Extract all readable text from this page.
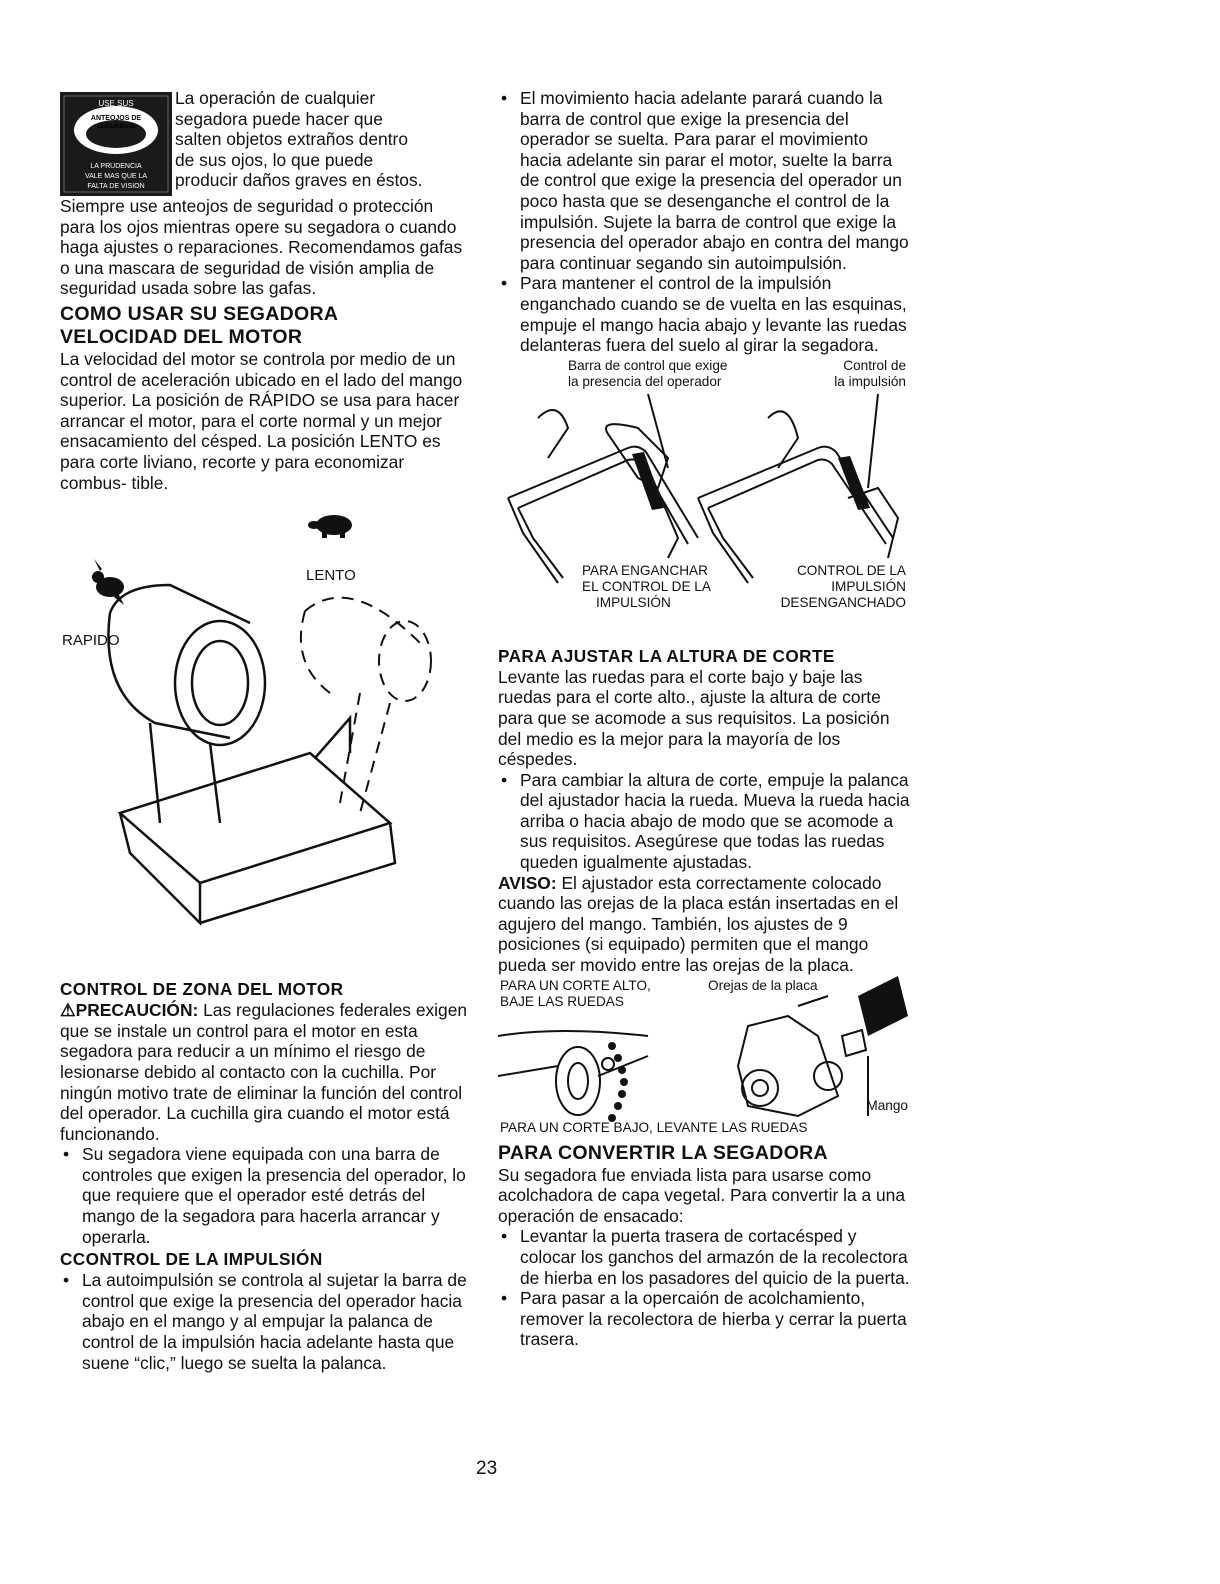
USE SUS
ANTEOJOS DE
SEGURIDAD
LA PRUDENCIA
VALE MAS QUE LA
FALTA DE VISION

La operación de cualquier

segadora puede hacer que

salten objetos extraños dentro

de sus ojos, lo que puede

producir daños graves en éstos.

Siempre use anteojos de seguridad o protección para los ojos mientras opere su segadora o cuando haga ajustes o reparaciones. Recomendamos gafas o una mascara de seguridad de visión amplia de seguridad usada sobre las gafas.

COMO USAR SU SEGADORA

VELOCIDAD DEL MOTOR

La velocidad del motor se controla por medio de un control de aceleración ubicado en el lado del mango superior. La posición de RÁPIDO se usa para hacer arrancar el motor, para el corte normal y un mejor ensacamiento del césped. La posición LENTO es para corte liviano, recorte y para economizar combus- tible.

LENTO
RAPIDO

CONTROL DE ZONA DEL MOTOR

⚠PRECAUCIÓN: Las regulaciones federales exigen que se instale un control para el motor en esta segadora para reducir a un mínimo el riesgo de lesionarse debido al contacto con la cuchilla. Por ningún motivo trate de eliminar la función del control del operador. La cuchilla gira cuando el motor está funcionando.

• Su segadora viene equipada con una barra de controles que exigen la presencia del operador, lo que requiere que el operador esté detrás del mango de la segadora para hacerla arrancar y operarla.

CCONTROL DE LA IMPULSIÓN

• La autoimpulsión se controla al sujetar la barra de control que exige la presencia del operador hacia abajo en el mango y al empujar la palanca de control de la impulsión hacia adelante hasta que suene “clic,” luego se suelta la palanca.

• El movimiento hacia adelante parará cuando la barra de control que exige la presencia del operador se suelta. Para parar el movimiento hacia adelante sin parar el motor, suelte la barra de control que exige la presencia del operador un poco hasta que se desenganche el control de la impulsión. Sujete la barra de control que exige la presencia del operador abajo en contra del mango para continuar segando sin autoimpulsión.

• Para mantener el control de la impulsión enganchado cuando se de vuelta en las esquinas, empuje el mango hacia abajo y levante las ruedas delanteras fuera del suelo al girar la segadora.

Barra de control que exige
la presencia del operador
Control de
la impulsión
PARA ENGANCHAR
EL CONTROL DE LA
IMPULSIÓN
CONTROL DE LA
IMPULSIÓN
DESENGANCHADO

PARA AJUSTAR LA ALTURA DE CORTE

Levante las ruedas para el corte bajo y baje las ruedas para el corte alto., ajuste la altura de corte para que se acomode a sus requisitos. La posición del medio es la mejor para la mayoría de los céspedes.

• Para cambiar la altura de corte, empuje la palanca del ajustador hacia la rueda. Mueva la rueda hacia arriba o hacia abajo de modo que se acomode a sus requisitos. Asegúrese que todas las ruedas queden igualmente ajustadas.

AVISO: El ajustador esta correctamente colocado cuando las orejas de la placa están insertadas en el agujero del mango. También, los ajustes de 9 posiciones (si equipado) permiten que el mango pueda ser movido entre las orejas de la placa.

PARA UN CORTE ALTO,
BAJE LAS RUEDAS
Orejas de la placa
Mango
PARA UN CORTE BAJO, LEVANTE LAS RUEDAS

PARA CONVERTIR LA SEGADORA

Su segadora fue enviada lista para usarse como acolchadora de capa vegetal. Para convertir la a una operación de ensacado:

• Levantar la puerta trasera de cortacésped y colocar los ganchos del armazón de la recolectora de hierba en los pasadores del quicio de la puerta.

• Para pasar a la opercaión de acolchamiento, remover la recolectora de hierba y cerrar la puerta trasera.

23
